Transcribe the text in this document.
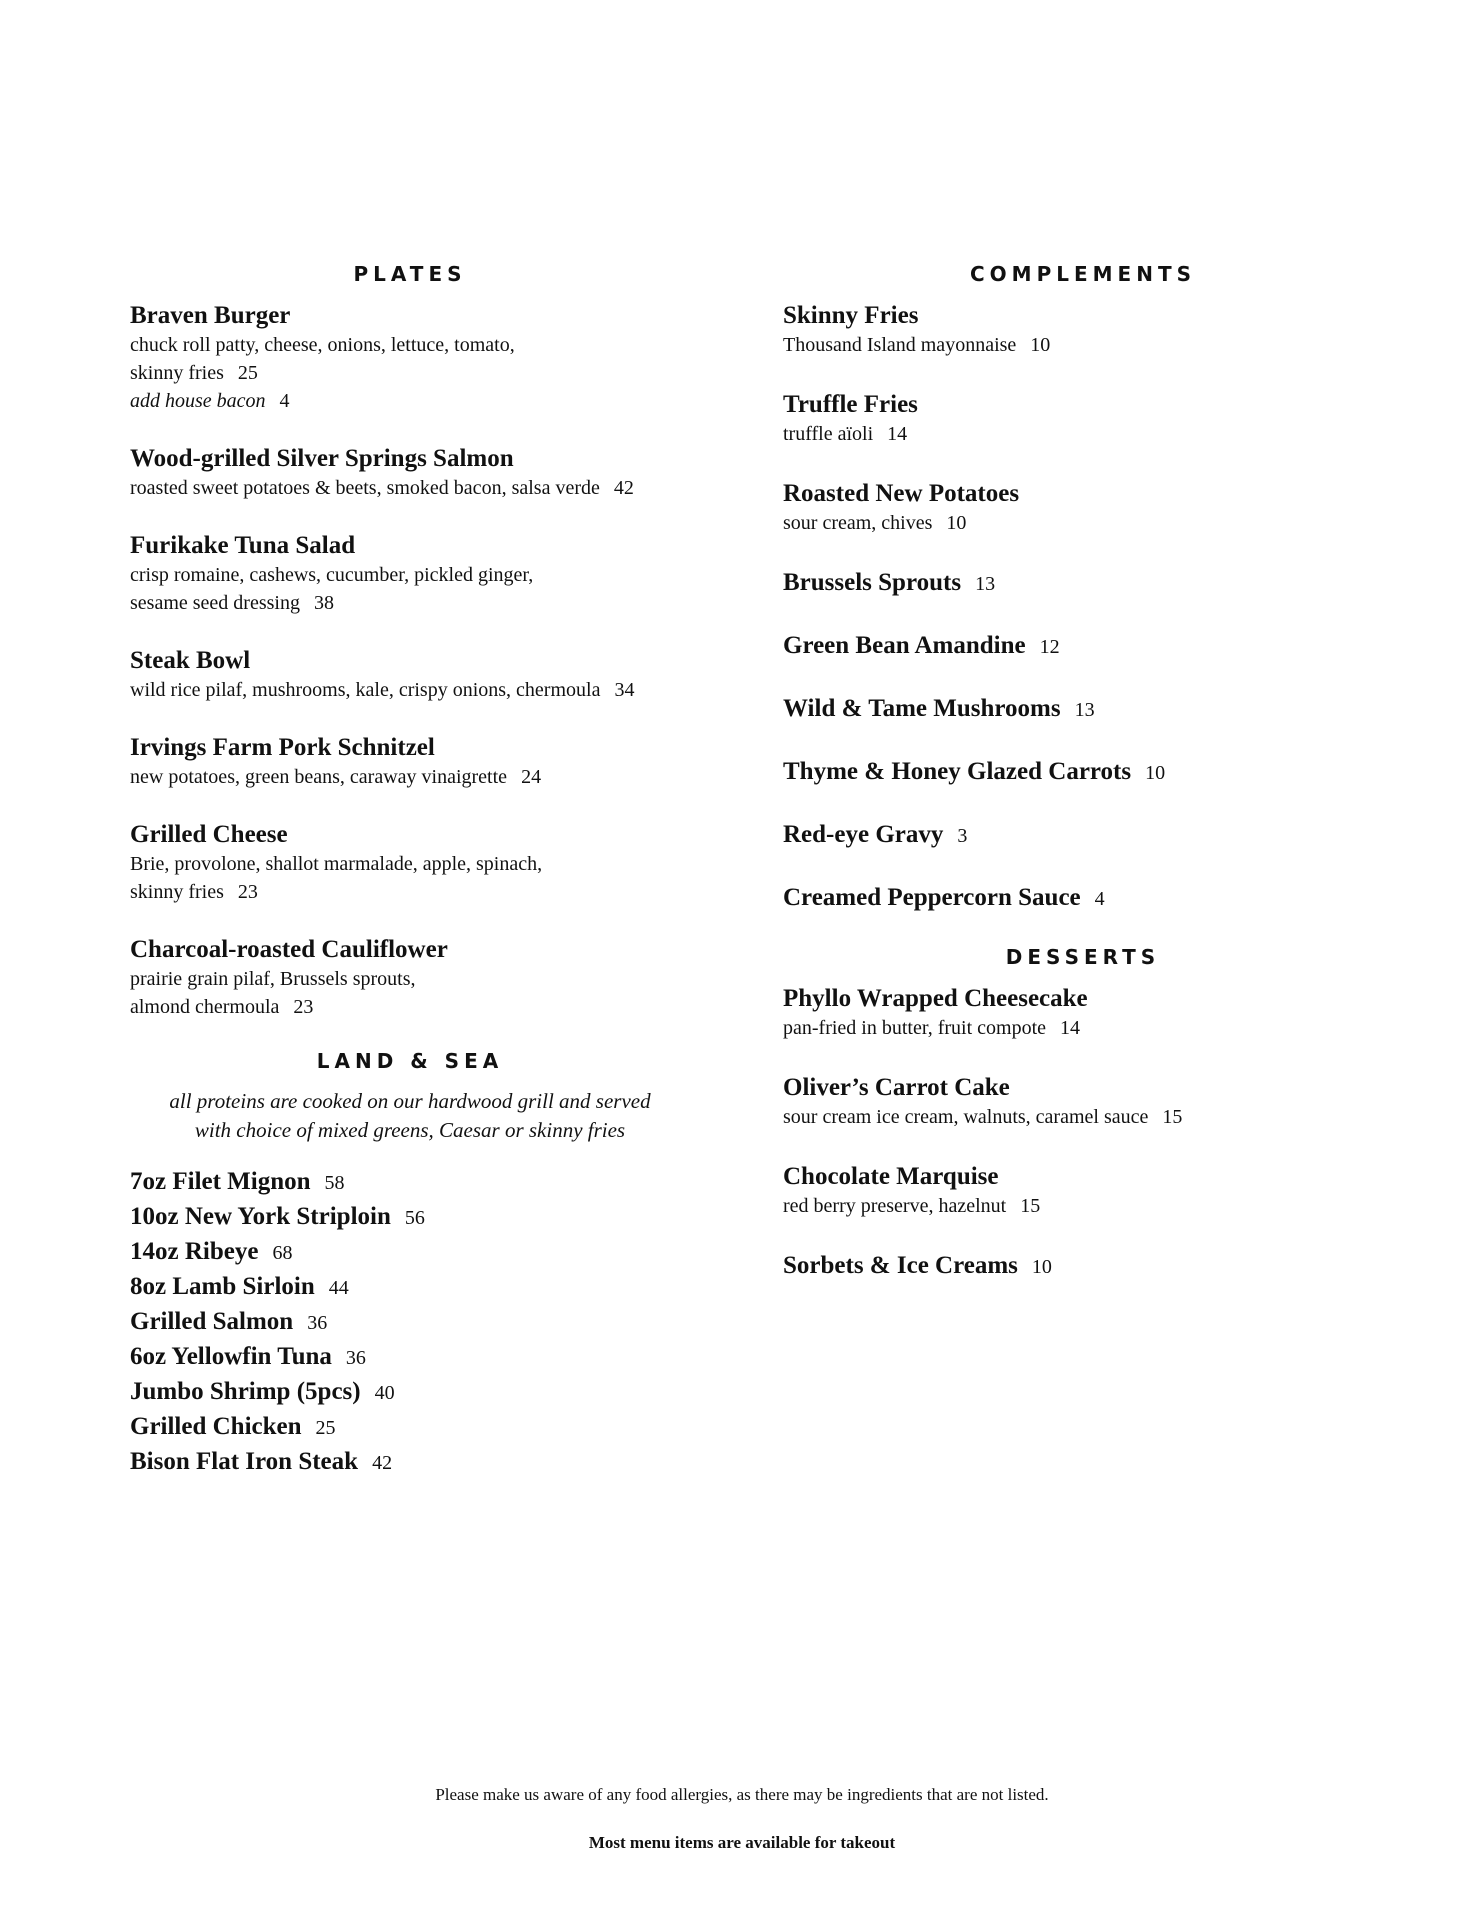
PLATES
Braven Burger
chuck roll patty, cheese, onions, lettuce, tomato,
skinny fries 25
add house bacon 4
Wood-grilled Silver Springs Salmon
roasted sweet potatoes & beets, smoked bacon, salsa verde 42
Furikake Tuna Salad
crisp romaine, cashews, cucumber, pickled ginger,
sesame seed dressing 38
Steak Bowl
wild rice pilaf, mushrooms, kale, crispy onions, chermoula 34
Irvings Farm Pork Schnitzel
new potatoes, green beans, caraway vinaigrette 24
Grilled Cheese
Brie, provolone, shallot marmalade, apple, spinach,
skinny fries 23
Charcoal-roasted Cauliflower
prairie grain pilaf, Brussels sprouts,
almond chermoula 23
LAND & SEA
all proteins are cooked on our hardwood grill and served
with choice of mixed greens, Caesar or skinny fries
7oz Filet Mignon 58
10oz New York Striploin 56
14oz Ribeye 68
8oz Lamb Sirloin 44
Grilled Salmon 36
6oz Yellowfin Tuna 36
Jumbo Shrimp (5pcs) 40
Grilled Chicken 25
Bison Flat Iron Steak 42
COMPLEMENTS
Skinny Fries
Thousand Island mayonnaise 10
Truffle Fries
truffle aïoli 14
Roasted New Potatoes
sour cream, chives 10
Brussels Sprouts 13
Green Bean Amandine 12
Wild & Tame Mushrooms 13
Thyme & Honey Glazed Carrots 10
Red-eye Gravy 3
Creamed Peppercorn Sauce 4
DESSERTS
Phyllo Wrapped Cheesecake
pan-fried in butter, fruit compote 14
Oliver’s Carrot Cake
sour cream ice cream, walnuts, caramel sauce 15
Chocolate Marquise
red berry preserve, hazelnut 15
Sorbets & Ice Creams 10
Please make us aware of any food allergies, as there may be ingredients that are not listed.
Most menu items are available for takeout
